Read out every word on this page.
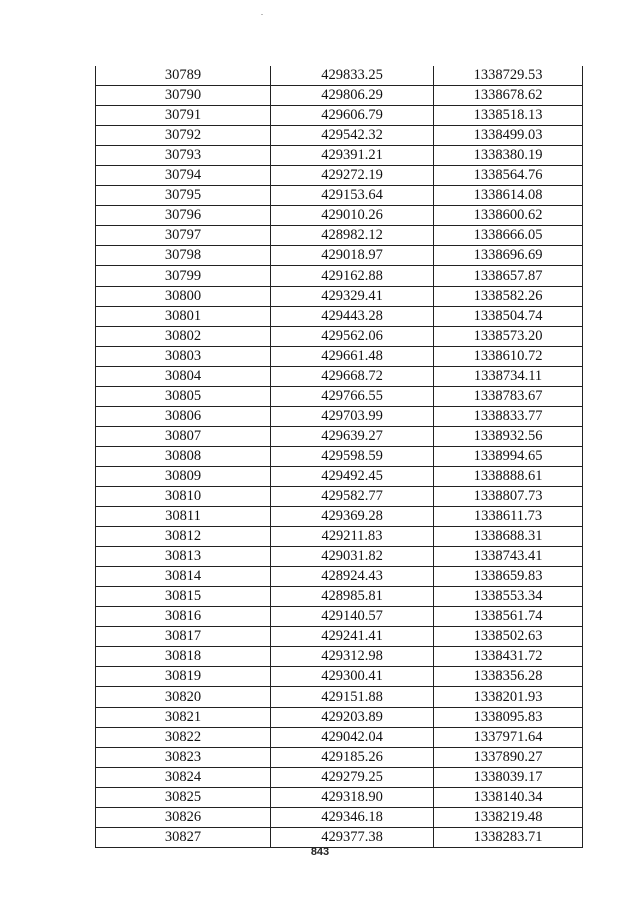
30789	429833.25	1338729.53
30790	429806.29	1338678.62
30791	429606.79	1338518.13
30792	429542.32	1338499.03
30793	429391.21	1338380.19
30794	429272.19	1338564.76
30795	429153.64	1338614.08
30796	429010.26	1338600.62
30797	428982.12	1338666.05
30798	429018.97	1338696.69
30799	429162.88	1338657.87
30800	429329.41	1338582.26
30801	429443.28	1338504.74
30802	429562.06	1338573.20
30803	429661.48	1338610.72
30804	429668.72	1338734.11
30805	429766.55	1338783.67
30806	429703.99	1338833.77
30807	429639.27	1338932.56
30808	429598.59	1338994.65
30809	429492.45	1338888.61
30810	429582.77	1338807.73
30811	429369.28	1338611.73
30812	429211.83	1338688.31
30813	429031.82	1338743.41
30814	428924.43	1338659.83
30815	428985.81	1338553.34
30816	429140.57	1338561.74
30817	429241.41	1338502.63
30818	429312.98	1338431.72
30819	429300.41	1338356.28
30820	429151.88	1338201.93
30821	429203.89	1338095.83
30822	429042.04	1337971.64
30823	429185.26	1337890.27
30824	429279.25	1338039.17
30825	429318.90	1338140.34
30826	429346.18	1338219.48
30827	429377.38	1338283.71
843
